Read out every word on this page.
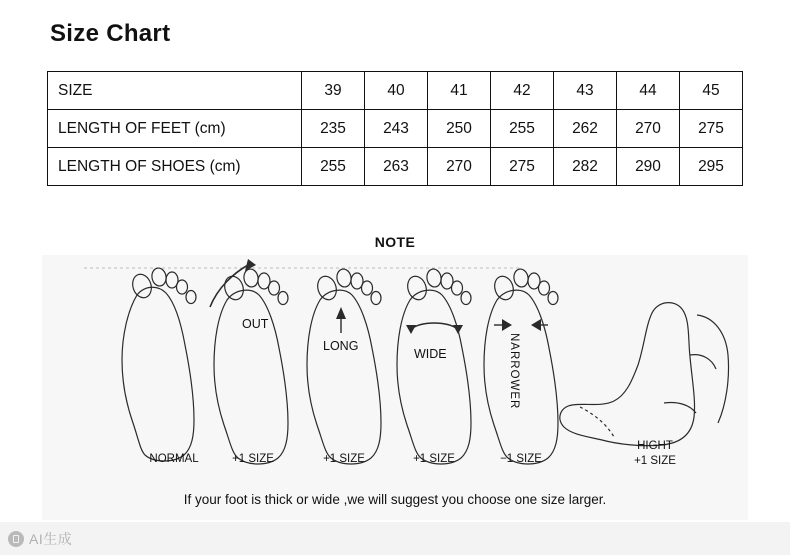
Size Chart
SIZE	39	40	41	42	43	44	45
LENGTH OF FEET (cm)	235	243	250	255	262	270	275
LENGTH OF SHOES (cm)	255	263	270	275	282	290	295
NOTE
OUT
LONG
WIDE	NARROWER
NORMAL	+1 SIZE	+1 SIZE	+1 SIZE	−1 SIZE
HIGHT
+1 SIZE
If your foot is thick or wide ,we will suggest you choose one size larger.
AI生成
